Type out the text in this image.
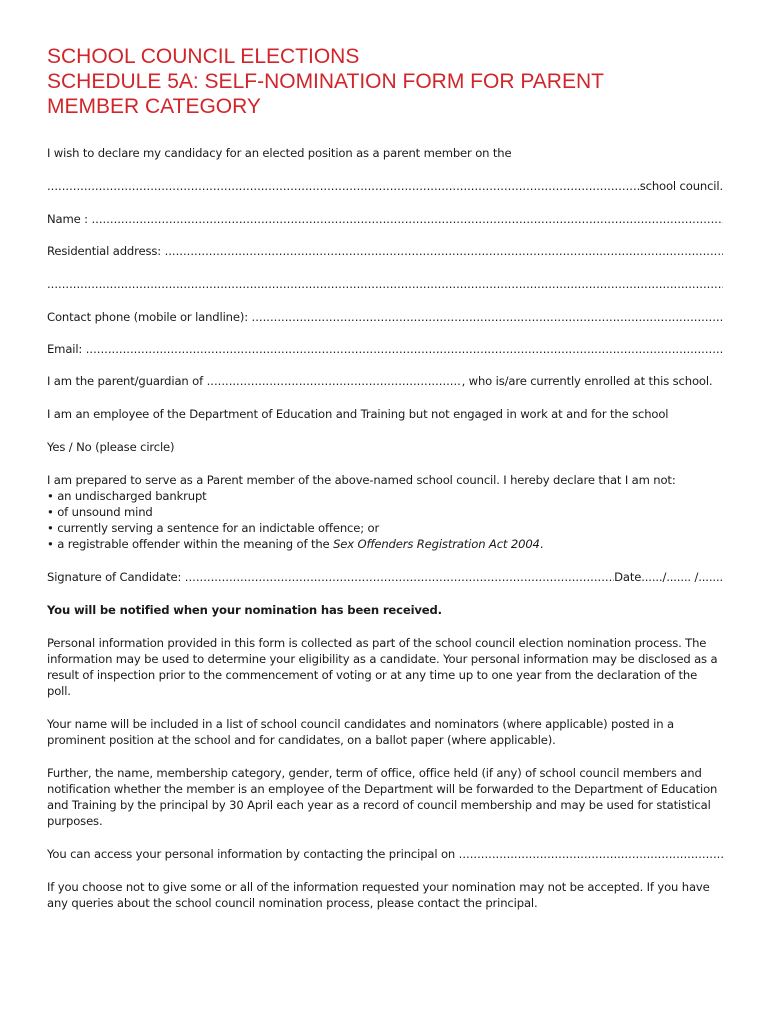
SCHOOL COUNCIL ELECTIONS
SCHEDULE 5A: SELF-NOMINATION FORM FOR PARENT
MEMBER CATEGORY
I wish to declare my candidacy for an elected position as a parent member on the
.....
school council.
Name :

.....
Residential address:

.....
.....
Contact phone (mobile or landline):

.....
Email:

.....
I am the parent/guardian of
.....	, who is/are currently enrolled at this school.
I am an employee of the Department of Education and Training but not engaged in work at and for the school
Yes / No (please circle)
I am prepared to serve as a Parent member of the above-named school council. I hereby declare that I am not:
• an undischarged bankrupt
• of unsound mind
• currently serving a sentence for an indictable offence; or
• a registrable offender within the meaning of the Sex Offenders Registration Act 2004.
Signature of Candidate:
.....	Date ....../....... /.......
You will be notified when your nomination has been received.
Personal information provided in this form is collected as part of the school council election nomination process. The information may be used to determine your eligibility as a candidate. Your personal information may be disclosed as a result of inspection prior to the commencement of voting or at any time up to one year from the declaration of the poll.
Your name will be included in a list of school council candidates and nominators (where applicable) posted in a prominent position at the school and for candidates, on a ballot paper (where applicable).
Further, the name, membership category, gender, term of office, office held (if any) of school council members and notification whether the member is an employee of the Department will be forwarded to the Department of Education and Training by the principal by 30 April each year as a record of council membership and may be used for statistical purposes.
You can access your personal information by contacting the principal on

.....
If you choose not to give some or all of the information requested your nomination may not be accepted. If you have any queries about the school council nomination process, please contact the principal.
